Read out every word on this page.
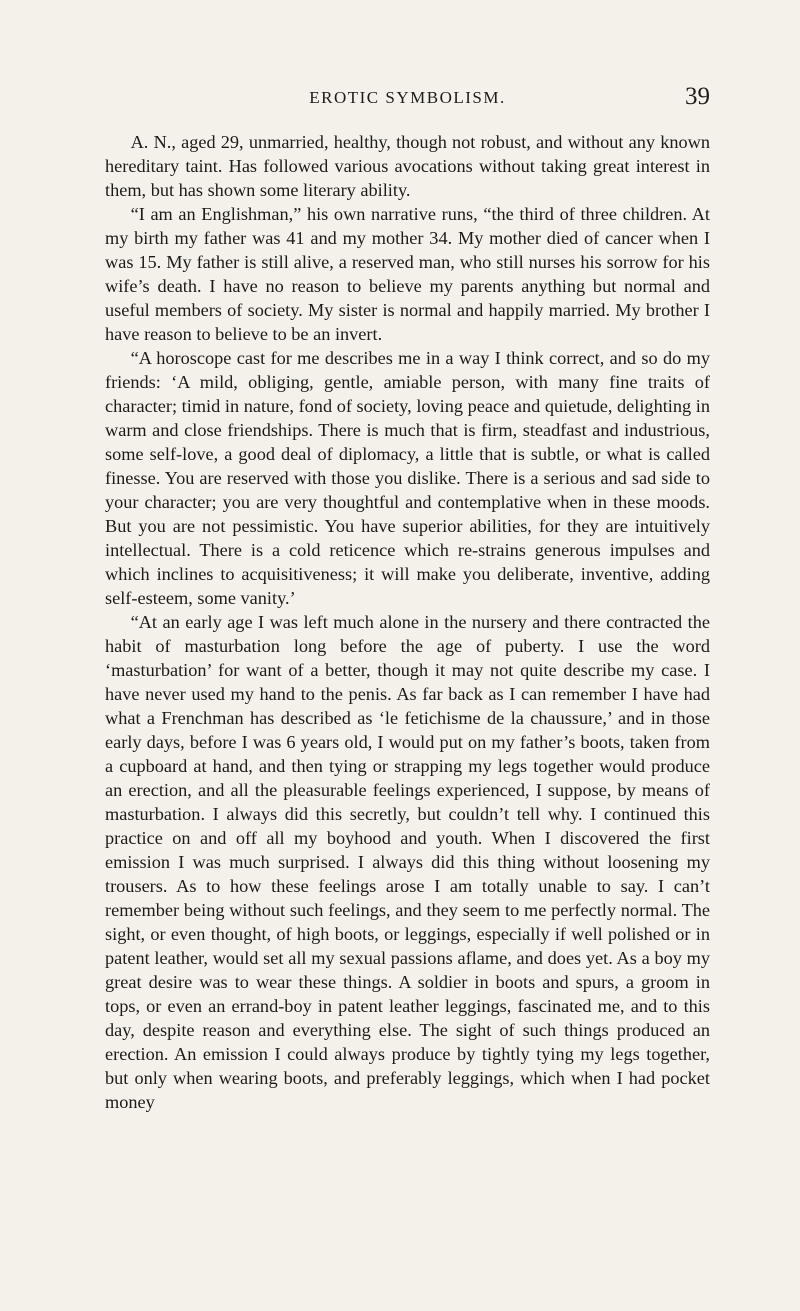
EROTIC SYMBOLISM.	39

A. N., aged 29, unmarried, healthy, though not robust, and without any known hereditary taint. Has followed various avocations without taking great interest in them, but has shown some literary ability.

“I am an Englishman,” his own narrative runs, “the third of three children. At my birth my father was 41 and my mother 34. My mother died of cancer when I was 15. My father is still alive, a reserved man, who still nurses his sorrow for his wife’s death. I have no reason to believe my parents anything but normal and useful members of society. My sister is normal and happily married. My brother I have reason to believe to be an invert.

“A horoscope cast for me describes me in a way I think correct, and so do my friends: ‘A mild, obliging, gentle, amiable person, with many fine traits of character; timid in nature, fond of society, loving peace and quietude, delighting in warm and close friendships. There is much that is firm, steadfast and industrious, some self-love, a good deal of diplomacy, a little that is subtle, or what is called finesse. You are reserved with those you dislike. There is a serious and sad side to your character; you are very thoughtful and contemplative when in these moods. But you are not pessimistic. You have superior abilities, for they are intuitively intellectual. There is a cold reticence which re-strains generous impulses and which inclines to acquisitiveness; it will make you deliberate, inventive, adding self-esteem, some vanity.’

“At an early age I was left much alone in the nursery and there contracted the habit of masturbation long before the age of puberty. I use the word ‘masturbation’ for want of a better, though it may not quite describe my case. I have never used my hand to the penis. As far back as I can remember I have had what a Frenchman has described as ‘le fetichisme de la chaussure,’ and in those early days, before I was 6 years old, I would put on my father’s boots, taken from a cupboard at hand, and then tying or strapping my legs together would produce an erection, and all the pleasurable feelings experienced, I suppose, by means of masturbation. I always did this secretly, but couldn’t tell why. I continued this practice on and off all my boyhood and youth. When I discovered the first emission I was much surprised. I always did this thing without loosening my trousers. As to how these feelings arose I am totally unable to say. I can’t remember being without such feelings, and they seem to me perfectly normal. The sight, or even thought, of high boots, or leggings, especially if well polished or in patent leather, would set all my sexual passions aflame, and does yet. As a boy my great desire was to wear these things. A soldier in boots and spurs, a groom in tops, or even an errand-boy in patent leather leggings, fascinated me, and to this day, despite reason and everything else. The sight of such things produced an erection. An emission I could always produce by tightly tying my legs together, but only when wearing boots, and preferably leggings, which when I had pocket money
